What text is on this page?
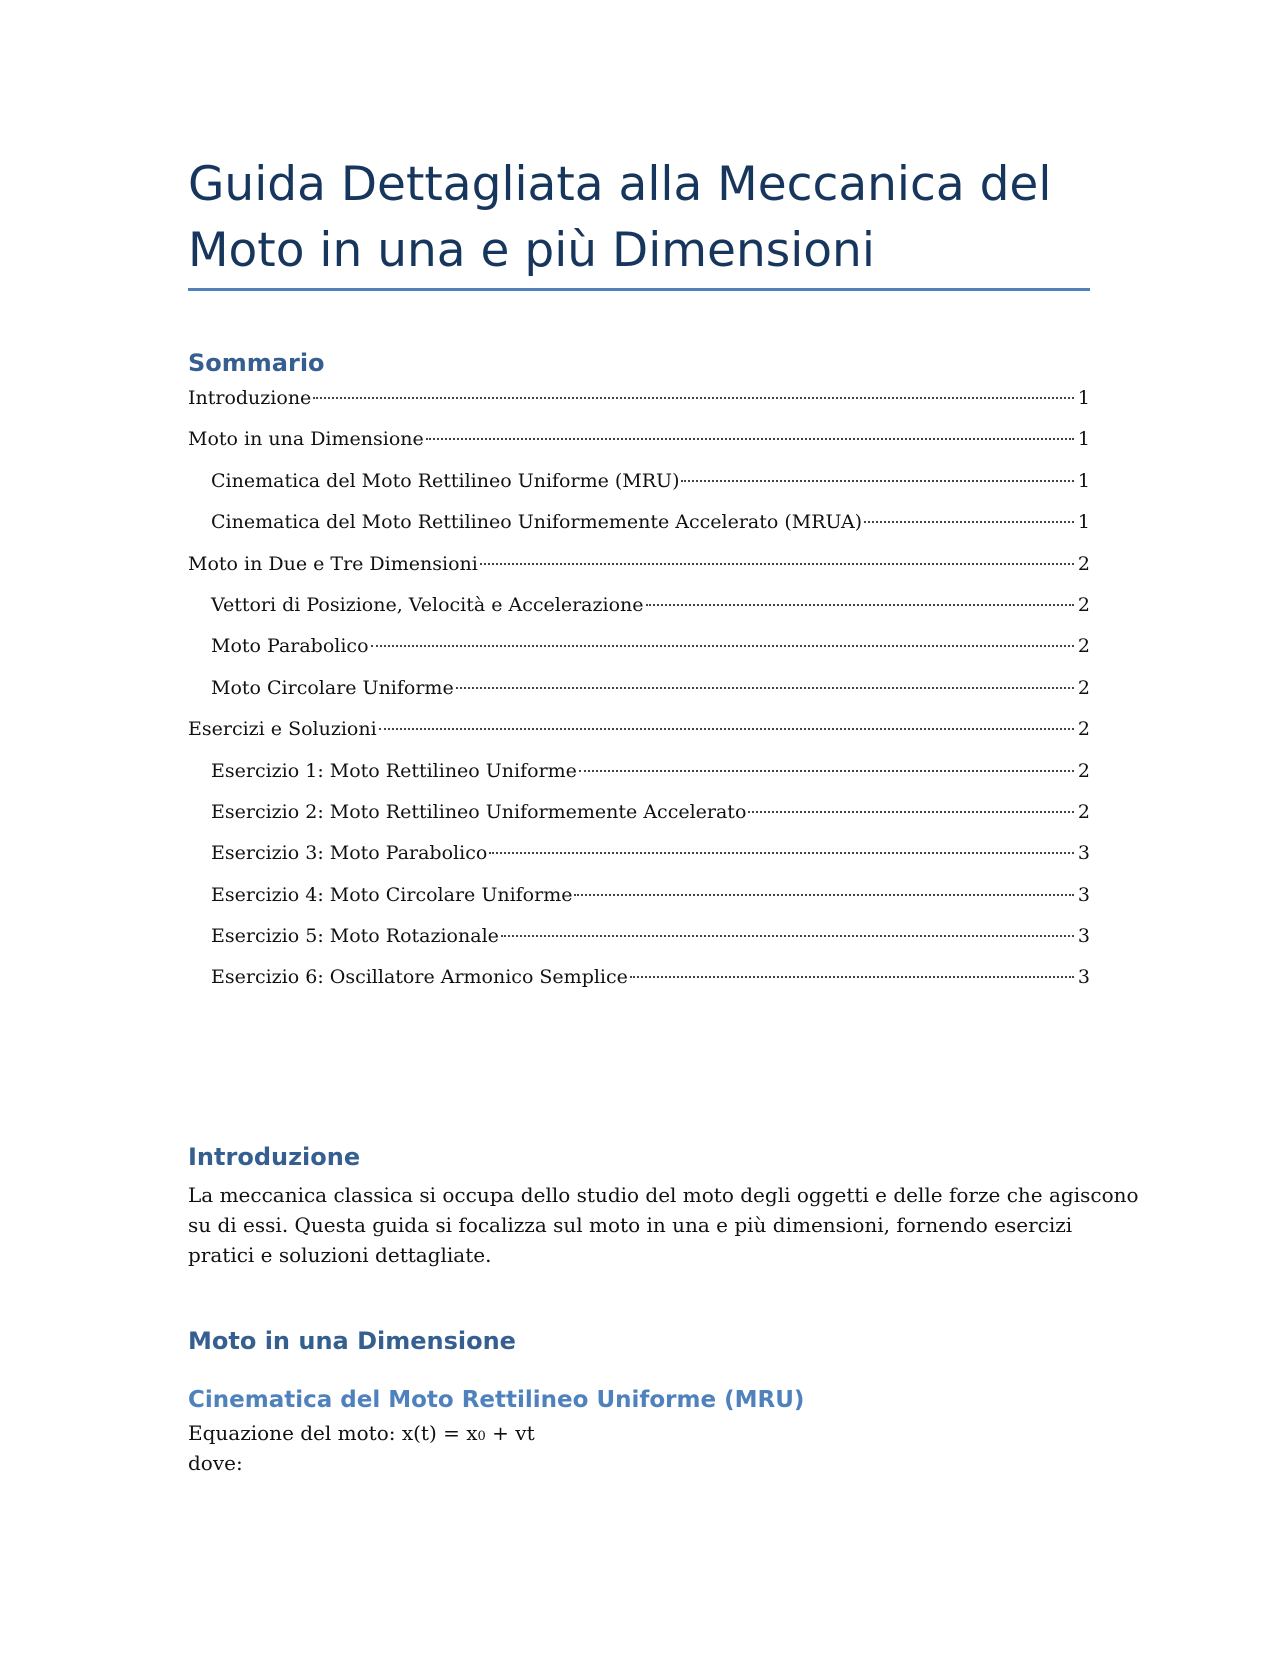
Guida Dettagliata alla Meccanica del Moto in una e più Dimensioni
Sommario
Introduzione	1
Moto in una Dimensione	1
Cinematica del Moto Rettilineo Uniforme (MRU)	1
Cinematica del Moto Rettilineo Uniformemente Accelerato (MRUA)	1
Moto in Due e Tre Dimensioni	2
Vettori di Posizione, Velocità e Accelerazione	2
Moto Parabolico	2
Moto Circolare Uniforme	2
Esercizi e Soluzioni	2
Esercizio 1: Moto Rettilineo Uniforme	2
Esercizio 2: Moto Rettilineo Uniformemente Accelerato	2
Esercizio 3: Moto Parabolico	3
Esercizio 4: Moto Circolare Uniforme	3
Esercizio 5: Moto Rotazionale	3
Esercizio 6: Oscillatore Armonico Semplice	3
Introduzione

La meccanica classica si occupa dello studio del moto degli oggetti e delle forze che agiscono

su di essi. Questa guida si focalizza sul moto in una e più dimensioni, fornendo esercizi

pratici e soluzioni dettagliate.

Moto in una Dimensione
Cinematica del Moto Rettilineo Uniforme (MRU)

Equazione del moto: x(t) = x0 + vt

dove:
